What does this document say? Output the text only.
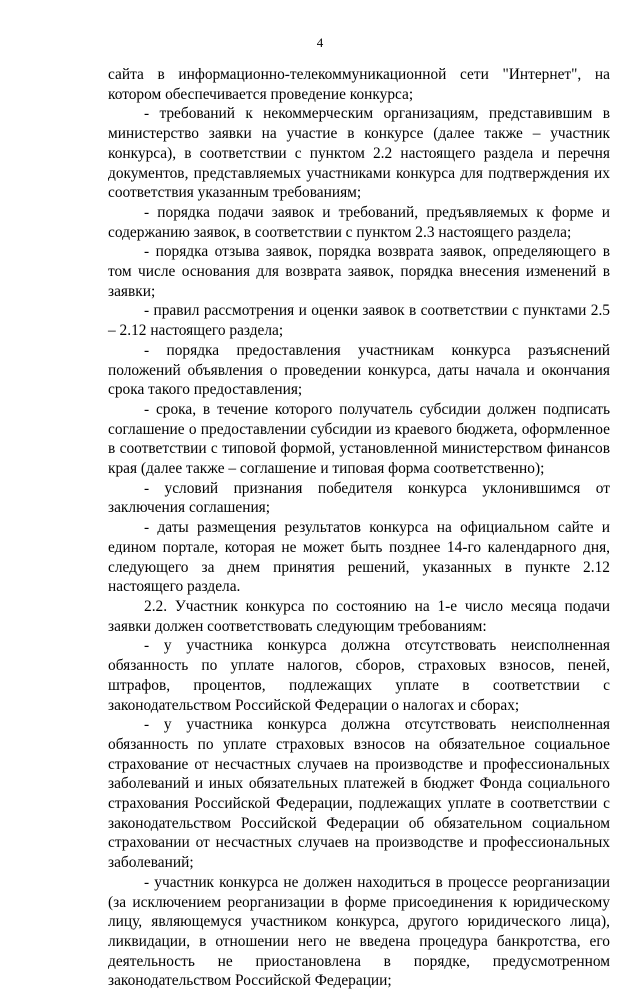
4

сайта в информационно-телекоммуникационной сети "Интернет", на котором обеспечивается проведение конкурса;

- требований к некоммерческим организациям, представившим в министерство заявки на участие в конкурсе (далее также – участник конкурса), в соответствии с пунктом 2.2 настоящего раздела и перечня документов, представляемых участниками конкурса для подтверждения их соответствия указанным требованиям;

- порядка подачи заявок и требований, предъявляемых к форме и содержанию заявок, в соответствии с пунктом 2.3 настоящего раздела;

- порядка отзыва заявок, порядка возврата заявок, определяющего в том числе основания для возврата заявок, порядка внесения изменений в заявки;

- правил рассмотрения и оценки заявок в соответствии с пунктами 2.5 – 2.12 настоящего раздела;

- порядка предоставления участникам конкурса разъяснений положений объявления о проведении конкурса, даты начала и окончания срока такого предоставления;

- срока, в течение которого получатель субсидии должен подписать соглашение о предоставлении субсидии из краевого бюджета, оформленное в соответствии с типовой формой, установленной министерством финансов края (далее также – соглашение и типовая форма соответственно);

- условий признания победителя конкурса уклонившимся от заключения соглашения;

- даты размещения результатов конкурса на официальном сайте и едином портале, которая не может быть позднее 14-го календарного дня, следующего за днем принятия решений, указанных в пункте 2.12 настоящего раздела.

2.2. Участник конкурса по состоянию на 1-е число месяца подачи заявки должен соответствовать следующим требованиям:

- у участника конкурса должна отсутствовать неисполненная обязанность по уплате налогов, сборов, страховых взносов, пеней, штрафов, процентов, подлежащих уплате в соответствии с законодательством Российской Федерации о налогах и сборах;

- у участника конкурса должна отсутствовать неисполненная обязанность по уплате страховых взносов на обязательное социальное страхование от несчастных случаев на производстве и профессиональных заболеваний и иных обязательных платежей в бюджет Фонда социального страхования Российской Федерации, подлежащих уплате в соответствии с законодательством Российской Федерации об обязательном социальном страховании от несчастных случаев на производстве и профессиональных заболеваний;

- участник конкурса не должен находиться в процессе реорганизации (за исключением реорганизации в форме присоединения к юридическому лицу, являющемуся участником конкурса, другого юридического лица), ликвидации, в отношении него не введена процедура банкротства, его деятельность не приостановлена в порядке, предусмотренном законодательством Российской Федерации;
